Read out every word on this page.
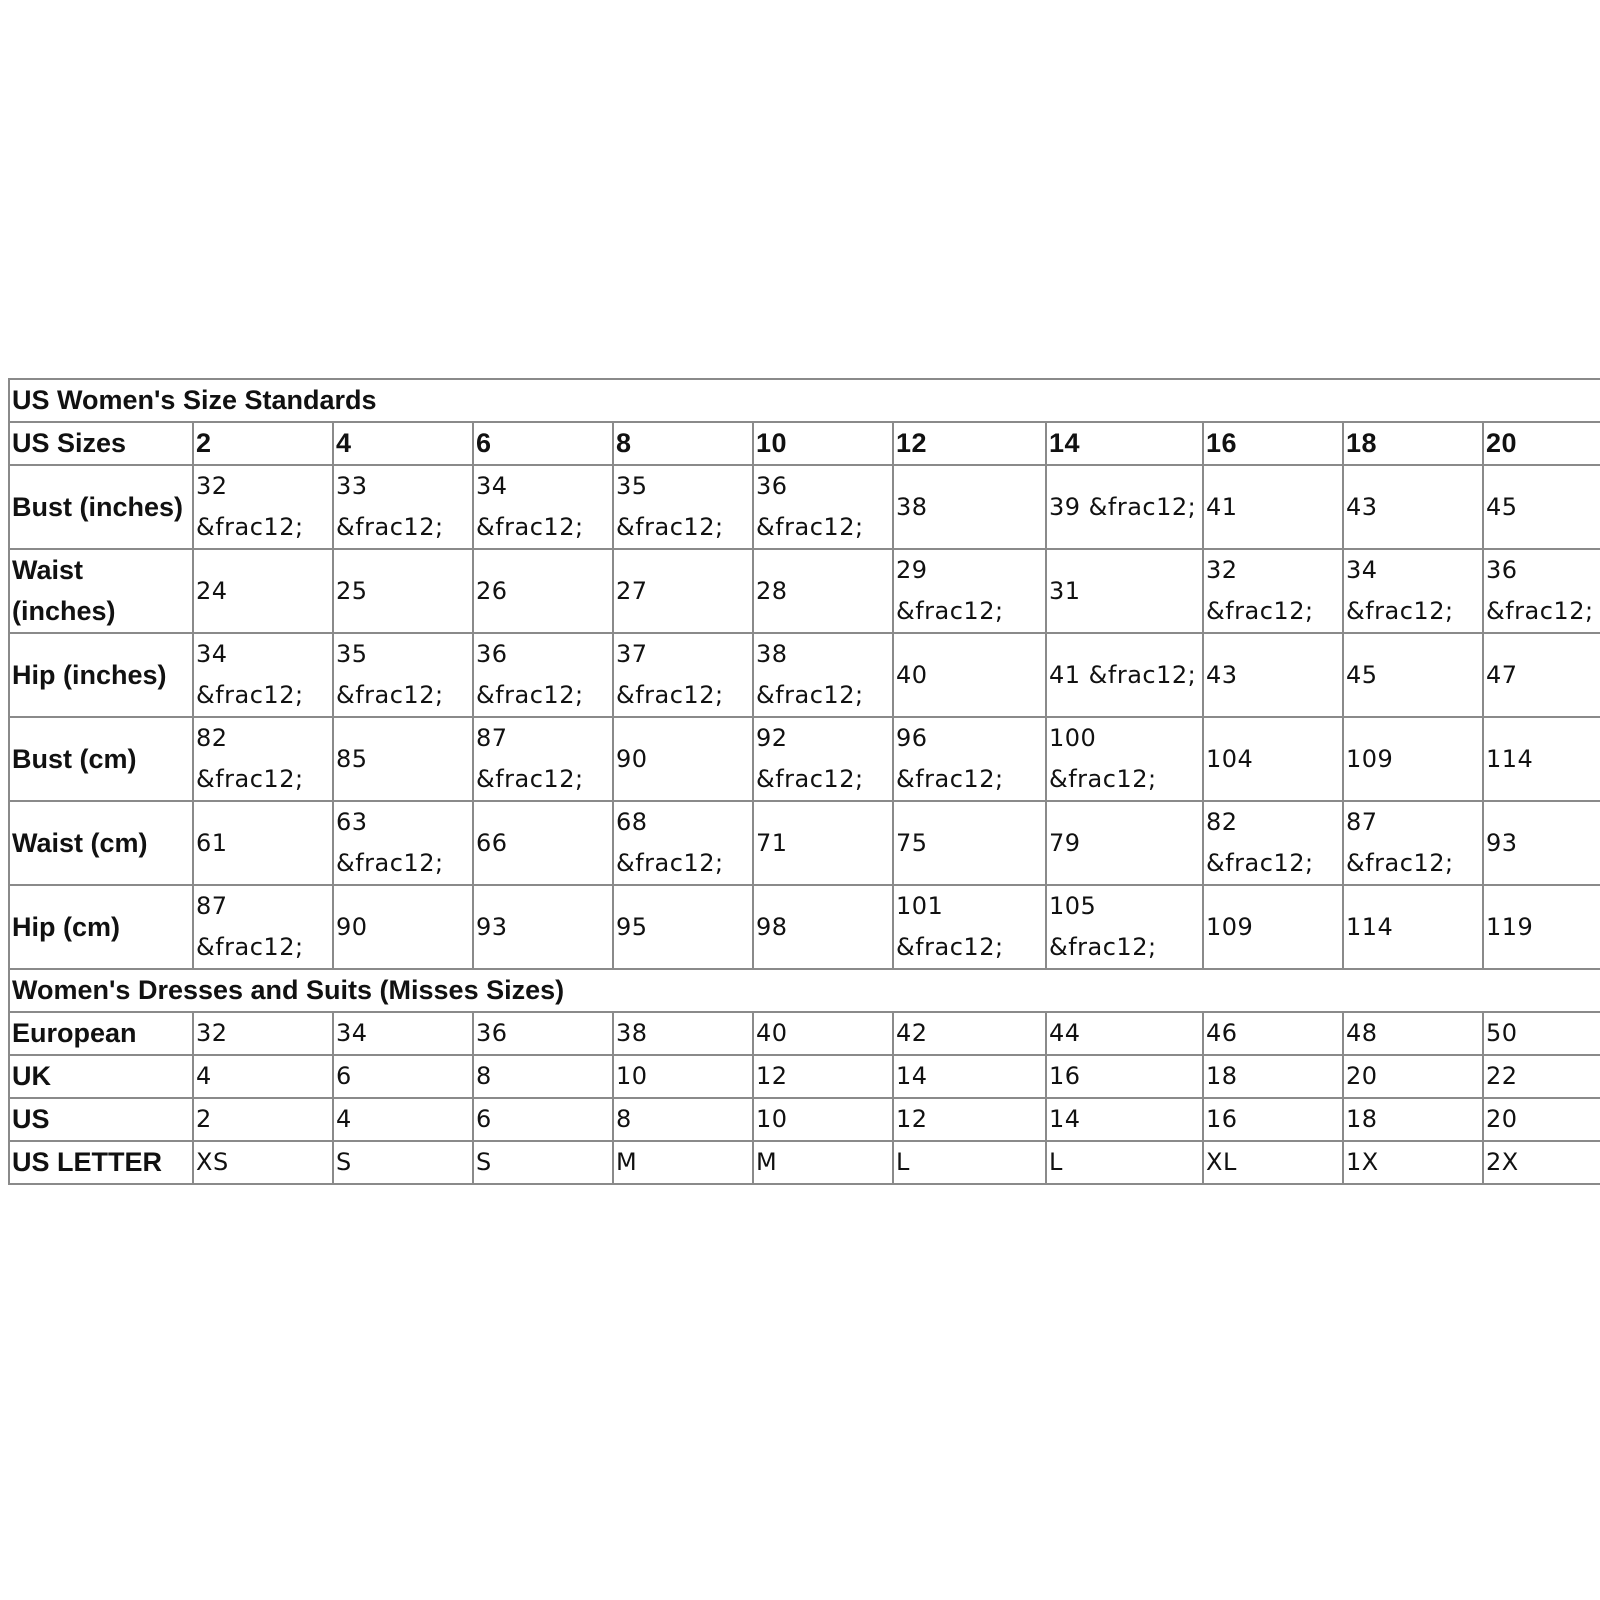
US Women's Size Standards										
US Sizes	2	4	6	8	10	12	14	16	18	20
Bust (inches)	32 &frac12;	33 &frac12;	34 &frac12;	35 &frac12;	36 &frac12;	38	39 &frac12;	41	43	45
Waist (inches)	24	25	26	27	28	29 &frac12;	31	32 &frac12;	34 &frac12;	36 &frac12;
Hip (inches)	34 &frac12;	35 &frac12;	36 &frac12;	37 &frac12;	38 &frac12;	40	41 &frac12;	43	45	47
Bust (cm)	82 &frac12;	85	87 &frac12;	90	92 &frac12;	96 &frac12;	100 &frac12;	104	109	114
Waist (cm)	61	63 &frac12;	66	68 &frac12;	71	75	79	82 &frac12;	87 &frac12;	93
Hip (cm)	87 &frac12;	90	93	95	98	101 &frac12;	105 &frac12;	109	114	119
Women's Dresses and Suits (Misses Sizes)										
European	32	34	36	38	40	42	44	46	48	50
UK	4	6	8	10	12	14	16	18	20	22
US	2	4	6	8	10	12	14	16	18	20
US LETTER	XS	S	S	M	M	L	L	XL	1X	2X
